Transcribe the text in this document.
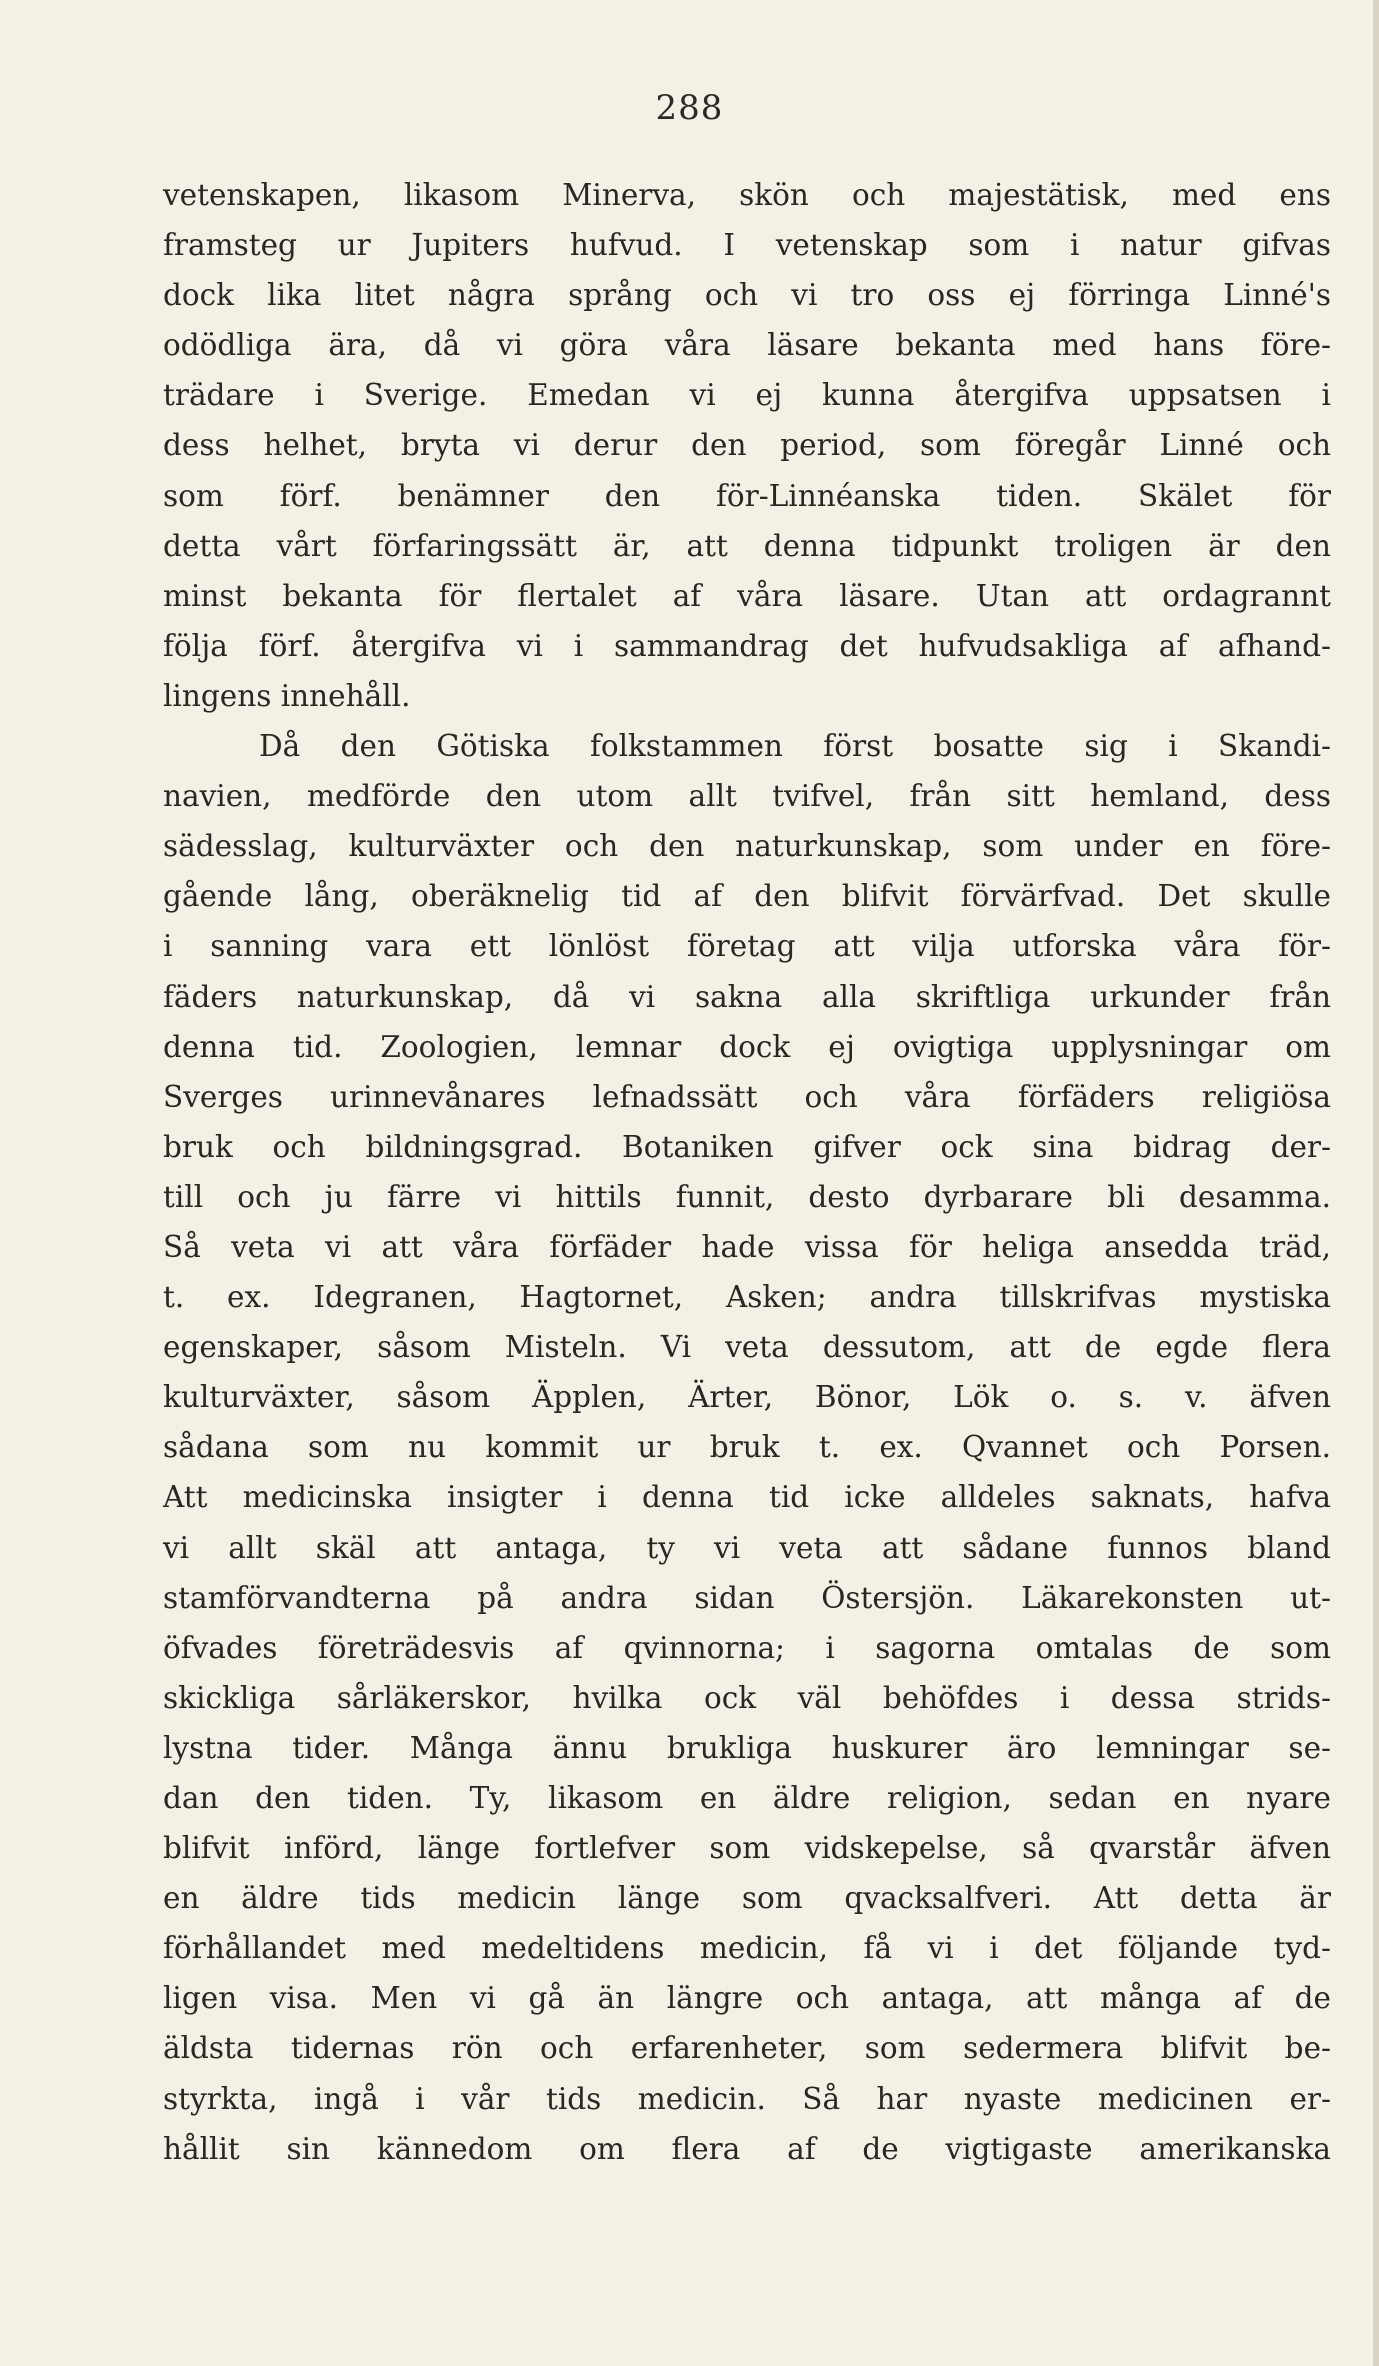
288
vetenskapen, likasom Minerva, skön och majestätisk, med ens
framsteg ur Jupiters hufvud. I vetenskap som i natur gifvas
dock lika litet några språng och vi tro oss ej förringa Linné's
odödliga ära, då vi göra våra läsare bekanta med hans före-
trädare i Sverige. Emedan vi ej kunna återgifva uppsatsen i
dess helhet, bryta vi derur den period, som föregår Linné och
som förf. benämner den för-Linnéanska tiden. Skälet för
detta vårt förfaringssätt är, att denna tidpunkt troligen är den
minst bekanta för flertalet af våra läsare. Utan att ordagrannt
följa förf. återgifva vi i sammandrag det hufvudsakliga af afhand-
lingens innehåll.
Då den Götiska folkstammen först bosatte sig i Skandi-
navien, medförde den utom allt tvifvel, från sitt hemland, dess
sädesslag, kulturväxter och den naturkunskap, som under en före-
gående lång, oberäknelig tid af den blifvit förvärfvad. Det skulle
i sanning vara ett lönlöst företag att vilja utforska våra för-
fäders naturkunskap, då vi sakna alla skriftliga urkunder från
denna tid. Zoologien, lemnar dock ej ovigtiga upplysningar om
Sverges urinnevånares lefnadssätt och våra förfäders religiösa
bruk och bildningsgrad. Botaniken gifver ock sina bidrag der-
till och ju färre vi hittils funnit, desto dyrbarare bli desamma.
Så veta vi att våra förfäder hade vissa för heliga ansedda träd,
t. ex. Idegranen, Hagtornet, Asken; andra tillskrifvas mystiska
egenskaper, såsom Misteln. Vi veta dessutom, att de egde flera
kulturväxter, såsom Äpplen, Ärter, Bönor, Lök o. s. v. äfven
sådana som nu kommit ur bruk t. ex. Qvannet och Porsen.
Att medicinska insigter i denna tid icke alldeles saknats, hafva
vi allt skäl att antaga, ty vi veta att sådane funnos bland
stamförvandterna på andra sidan Östersjön. Läkarekonsten ut-
öfvades företrädesvis af qvinnorna; i sagorna omtalas de som
skickliga sårläkerskor, hvilka ock väl behöfdes i dessa strids-
lystna tider. Många ännu brukliga huskurer äro lemningar se-
dan den tiden. Ty, likasom en äldre religion, sedan en nyare
blifvit införd, länge fortlefver som vidskepelse, så qvarstår äfven
en äldre tids medicin länge som qvacksalfveri. Att detta är
förhållandet med medeltidens medicin, få vi i det följande tyd-
ligen visa. Men vi gå än längre och antaga, att många af de
äldsta tidernas rön och erfarenheter, som sedermera blifvit be-
styrkta, ingå i vår tids medicin. Så har nyaste medicinen er-
hållit sin kännedom om flera af de vigtigaste amerikanska
